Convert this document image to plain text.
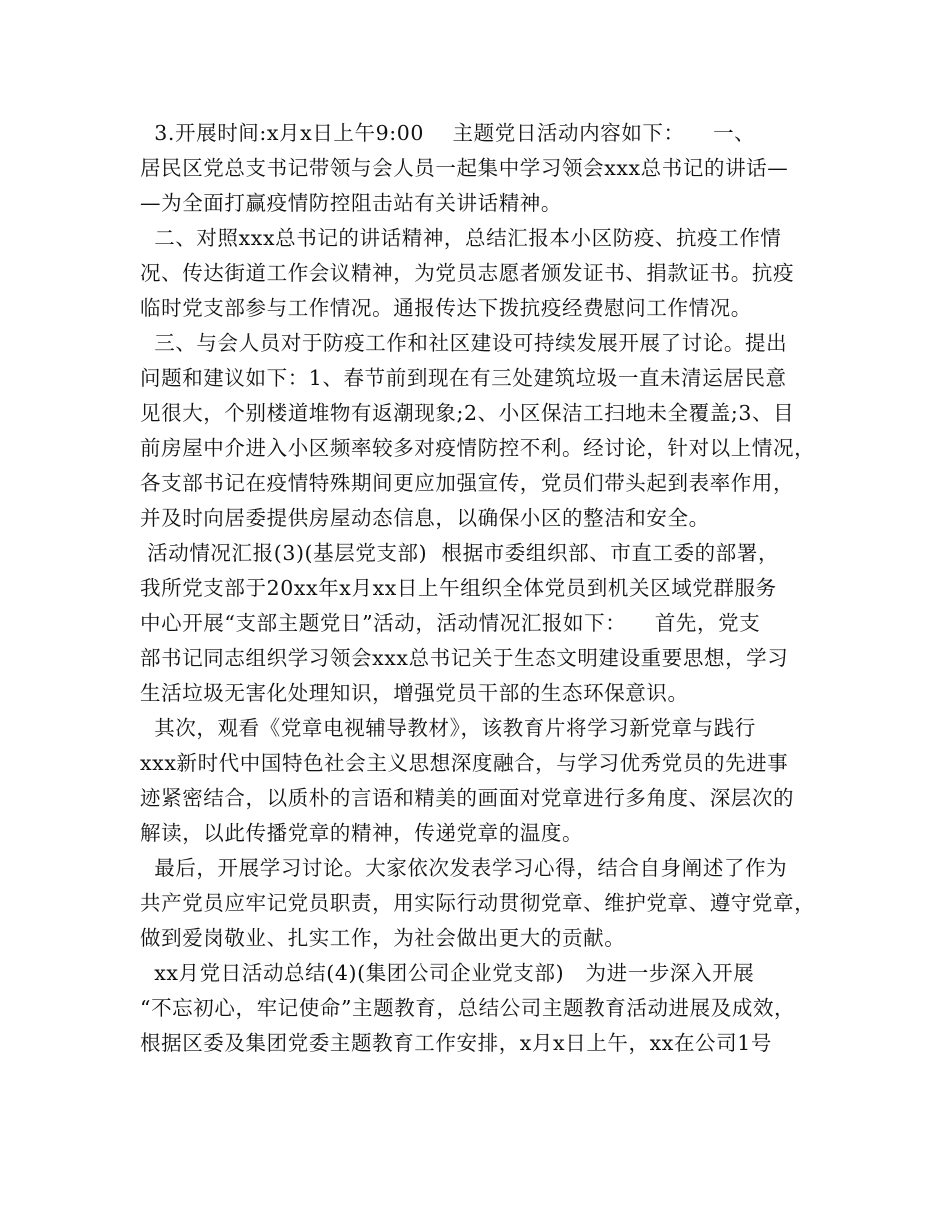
3.开展时间:x月x日上午9:00    主题党日活动内容如下：    一、
居民区党总支书记带领与会人员一起集中学习领会xxx总书记的讲话—
—为全面打赢疫情防控阻击站有关讲话精神。
二、对照xxx总书记的讲话精神，总结汇报本小区防疫、抗疫工作情
况、传达街道工作会议精神，为党员志愿者颁发证书、捐款证书。抗疫
临时党支部参与工作情况。通报传达下拨抗疫经费慰问工作情况。
三、与会人员对于防疫工作和社区建设可持续发展开展了讨论。提出
问题和建议如下：1、春节前到现在有三处建筑垃圾一直未清运居民意
见很大，个别楼道堆物有返潮现象;2、小区保洁工扫地未全覆盖;3、目
前房屋中介进入小区频率较多对疫情防控不利。经讨论，针对以上情况，
各支部书记在疫情特殊期间更应加强宣传，党员们带头起到表率作用，
并及时向居委提供房屋动态信息，以确保小区的整洁和安全。
活动情况汇报(3)(基层党支部)  根据市委组织部、市直工委的部署，
我所党支部于20xx年x月xx日上午组织全体党员到机关区域党群服务
中心开展“支部主题党日”活动，活动情况汇报如下：    首先，党支
部书记同志组织学习领会xxx总书记关于生态文明建设重要思想，学习
生活垃圾无害化处理知识，增强党员干部的生态环保意识。
其次，观看《党章电视辅导教材》，该教育片将学习新党章与践行
xxx新时代中国特色社会主义思想深度融合，与学习优秀党员的先进事
迹紧密结合，以质朴的言语和精美的画面对党章进行多角度、深层次的
解读，以此传播党章的精神，传递党章的温度。
最后，开展学习讨论。大家依次发表学习心得，结合自身阐述了作为
共产党员应牢记党员职责，用实际行动贯彻党章、维护党章、遵守党章，
做到爱岗敬业、扎实工作，为社会做出更大的贡献。
xx月党日活动总结(4)(集团公司企业党支部)   为进一步深入开展
“不忘初心，牢记使命”主题教育，总结公司主题教育活动进展及成效，
根据区委及集团党委主题教育工作安排，x月x日上午，xx在公司1号
